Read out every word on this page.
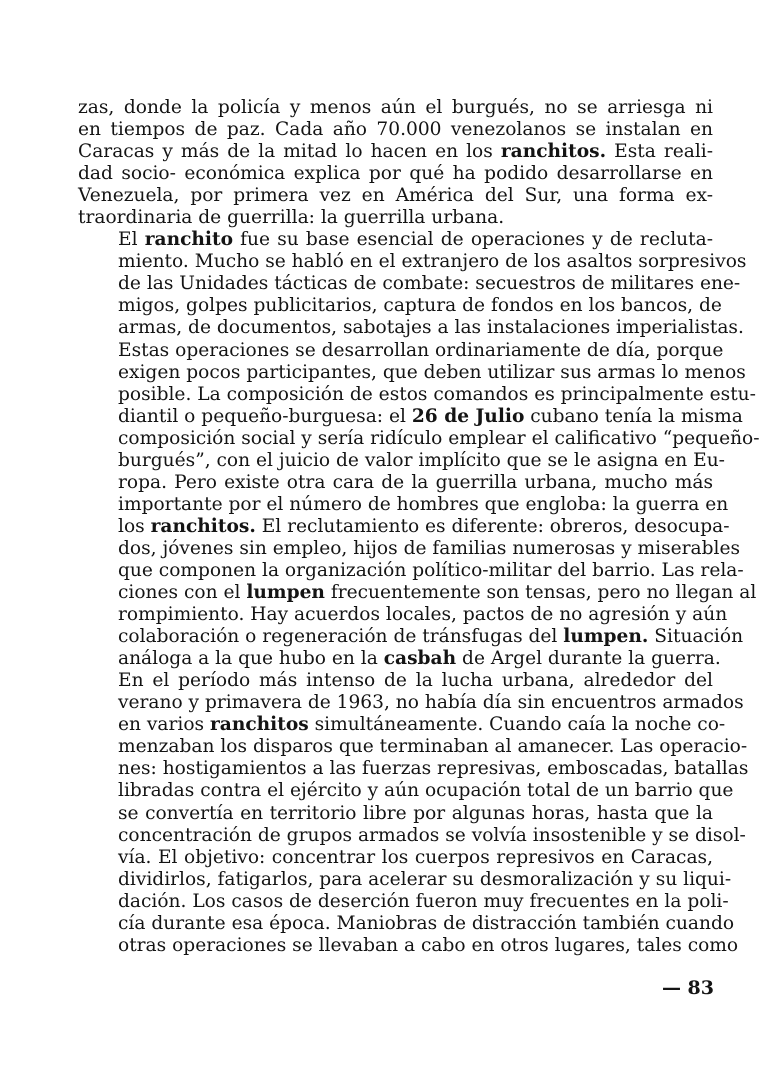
zas, donde la policía y menos aún el burgués, no se arriesga ni
en tiempos de paz. Cada año 70.000 venezolanos se instalan en
Caracas y más de la mitad lo hacen en los ranchitos. Esta reali-
dad socio- económica explica por qué ha podido desarrollarse en
Venezuela, por primera vez en América del Sur, una forma ex-
traordinaria de guerrilla: la guerrilla urbana.

El ranchito fue su base esencial de operaciones y de recluta-
miento. Mucho se habló en el extranjero de los asaltos sorpresivos
de las Unidades tácticas de combate: secuestros de militares ene-
migos, golpes publicitarios, captura de fondos en los bancos, de
armas, de documentos, sabotajes a las instalaciones imperialistas.
Estas operaciones se desarrollan ordinariamente de día, porque
exigen pocos participantes, que deben utilizar sus armas lo menos
posible. La composición de estos comandos es principalmente estu-
diantil o pequeño-burguesa: el 26 de Julio cubano tenía la misma
composición social y sería ridículo emplear el calificativo “pequeño-
burgués”, con el juicio de valor implícito que se le asigna en Eu-
ropa. Pero existe otra cara de la guerrilla urbana, mucho más
importante por el número de hombres que engloba: la guerra en
los ranchitos. El reclutamiento es diferente: obreros, desocupa-
dos, jóvenes sin empleo, hijos de familias numerosas y miserables
que componen la organización político-militar del barrio. Las rela-
ciones con el lumpen frecuentemente son tensas, pero no llegan al
rompimiento. Hay acuerdos locales, pactos de no agresión y aún
colaboración o regeneración de tránsfugas del lumpen. Situación
análoga a la que hubo en la casbah de Argel durante la guerra.

En el período más intenso de la lucha urbana, alrededor del
verano y primavera de 1963, no había día sin encuentros armados
en varios ranchitos simultáneamente. Cuando caía la noche co-
menzaban los disparos que terminaban al amanecer. Las operacio-
nes: hostigamientos a las fuerzas represivas, emboscadas, batallas
libradas contra el ejército y aún ocupación total de un barrio que
se convertía en territorio libre por algunas horas, hasta que la
concentración de grupos armados se volvía insostenible y se disol-
vía. El objetivo: concentrar los cuerpos represivos en Caracas,
dividirlos, fatigarlos, para acelerar su desmoralización y su liqui-
dación. Los casos de deserción fueron muy frecuentes en la poli-
cía durante esa época. Maniobras de distracción también cuando
otras operaciones se llevaban a cabo en otros lugares, tales como

— 83
